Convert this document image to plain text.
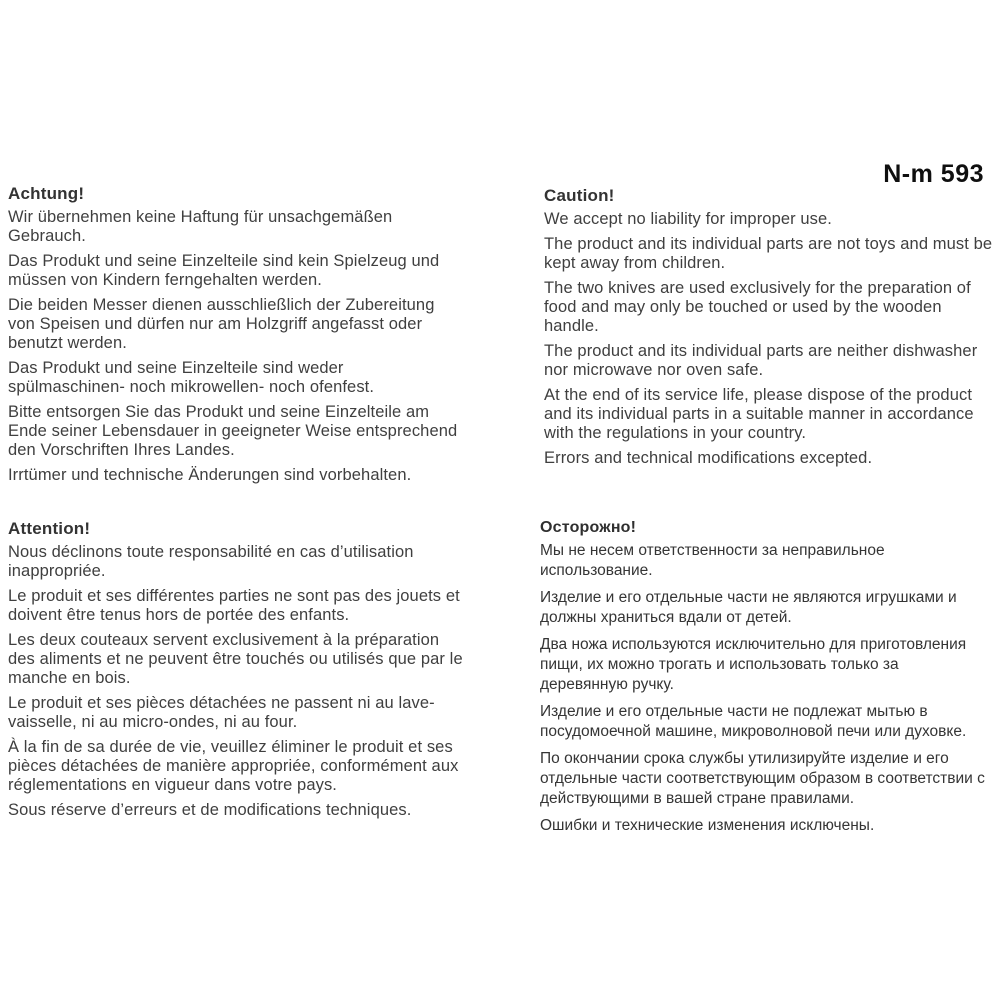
N-m 593
Achtung!

Wir übernehmen keine Haftung für unsachgemäßen Gebrauch.

Das Produkt und seine Einzelteile sind kein Spielzeug und müssen von Kindern ferngehalten werden.

Die beiden Messer dienen ausschließlich der Zubereitung von Speisen und dürfen nur am Holzgriff angefasst oder benutzt werden.

Das Produkt und seine Einzelteile sind weder spülmaschinen- noch mikrowellen- noch ofenfest.

Bitte entsorgen Sie das Produkt und seine Einzelteile am Ende seiner Lebensdauer in geeigneter Weise entsprechend den Vorschriften Ihres Landes.

Irrtümer und technische Änderungen sind vorbehalten.

Caution!

We accept no liability for improper use.

The product and its individual parts are not toys and must be kept away from children.

The two knives are used exclusively for the preparation of food and may only be touched or used by the wooden handle.

The product and its individual parts are neither dishwasher nor microwave nor oven safe.

At the end of its service life, please dispose of the product and its individual parts in a suitable manner in accordance with the regulations in your country.

Errors and technical modifications excepted.

Attention!

Nous déclinons toute responsabilité en cas d’utilisation inappropriée.

Le produit et ses différentes parties ne sont pas des jouets et doivent être tenus hors de portée des enfants.

Les deux couteaux servent exclusivement à la préparation des aliments et ne peuvent être touchés ou utilisés que par le manche en bois.

Le produit et ses pièces détachées ne passent ni au lave-vaisselle, ni au micro-ondes, ni au four.

À la fin de sa durée de vie, veuillez éliminer le produit et ses pièces détachées de manière appropriée, conformément aux réglementations en vigueur dans votre pays.

Sous réserve d’erreurs et de modifications techniques.

Осторожно!

Мы не несем ответственности за неправильное использование.

Изделие и его отдельные части не являются игрушками и должны храниться вдали от детей.

Два ножа используются исключительно для приготовления пищи, их можно трогать и использовать только за деревянную ручку.

Изделие и его отдельные части не подлежат мытью в посудомоечной машине, микроволновой печи или духовке.

По окончании срока службы утилизируйте изделие и его отдельные части соответствующим образом в соответствии с действующими в вашей стране правилами.

Ошибки и технические изменения исключены.
